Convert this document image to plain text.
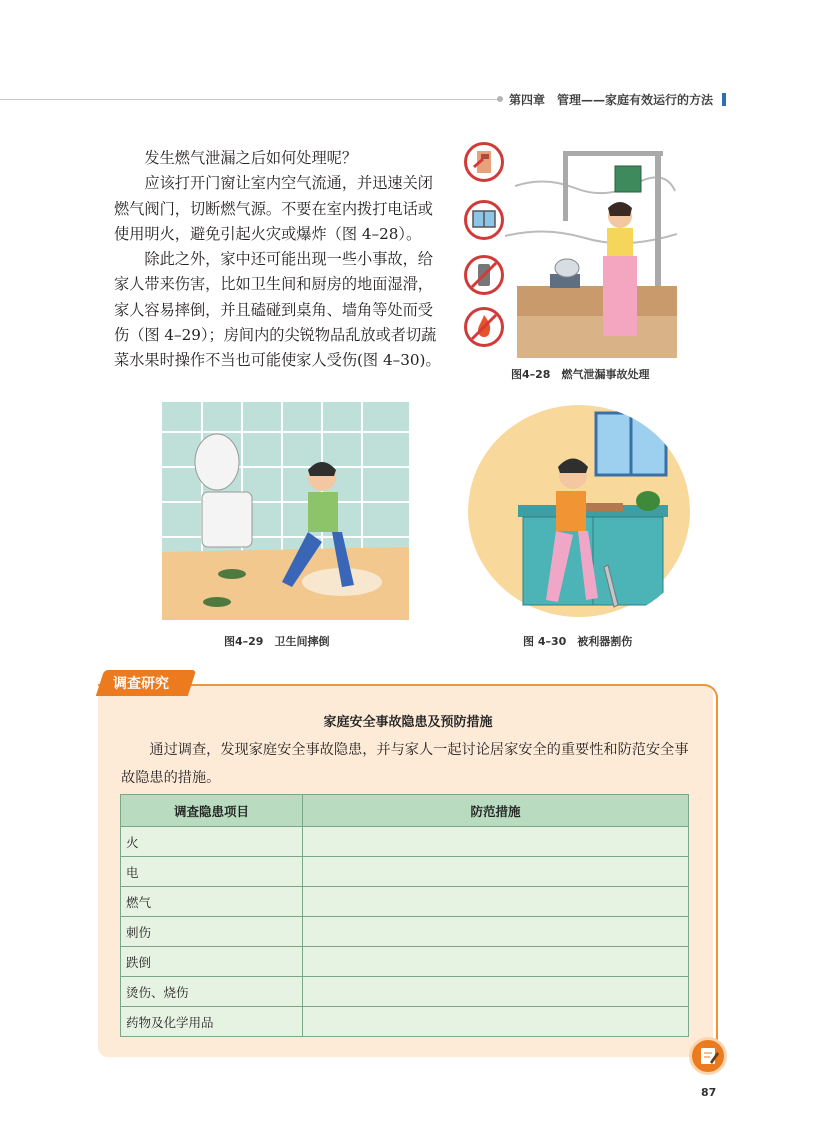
第四章　管理——家庭有效运行的方法

发生燃气泄漏之后如何处理呢？

应该打开门窗让室内空气流通，并迅速关闭燃气阀门，切断燃气源。不要在室内拨打电话或使用明火，避免引起火灾或爆炸（图 4–28）。

除此之外，家中还可能出现一些小事故，给家人带来伤害，比如卫生间和厨房的地面湿滑，家人容易摔倒，并且磕碰到桌角、墙角等处而受伤（图 4–29）；房间内的尖锐物品乱放或者切蔬菜水果时操作不当也可能使家人受伤(图 4–30)。

图4–28　燃气泄漏事故处理
图4–29　卫生间摔倒	图 4–30　被利器割伤
调查研究
家庭安全事故隐患及预防措施

通过调查，发现家庭安全事故隐患，并与家人一起讨论居家安全的重要性和防范安全事故隐患的措施。

调查隐患项目	防范措施
火	
电	
燃气	
刺伤	
跌倒	
烫伤、烧伤	
药物及化学用品	
87
